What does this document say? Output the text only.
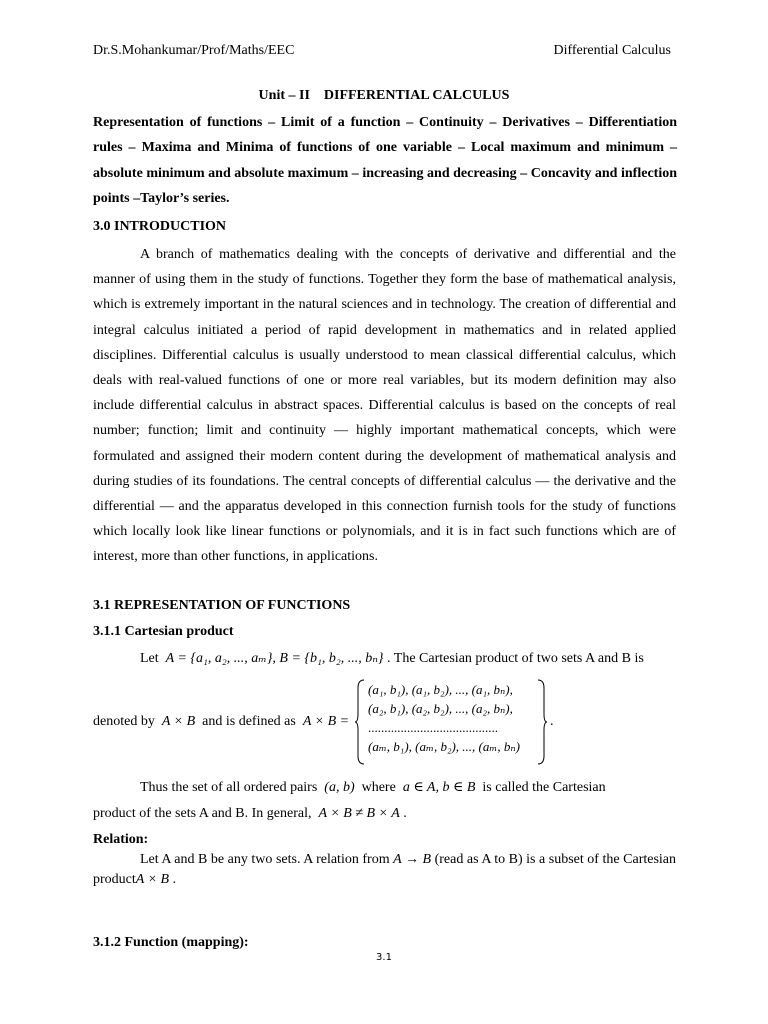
Dr.S.Mohankumar/Prof/Maths/EEC	Differential Calculus
Unit – II    DIFFERENTIAL CALCULUS
Representation of functions – Limit of a function – Continuity – Derivatives – Differentiation rules – Maxima and Minima of functions of one variable – Local maximum and minimum – absolute minimum and absolute maximum – increasing and decreasing – Concavity and inflection points –Taylor’s series.
3.0 INTRODUCTION
A branch of mathematics dealing with the concepts of derivative and differential and the manner of using them in the study of functions. Together they form the base of mathematical analysis, which is extremely important in the natural sciences and in technology. The creation of differential and integral calculus initiated a period of rapid development in mathematics and in related applied disciplines. Differential calculus is usually understood to mean classical differential calculus, which deals with real-valued functions of one or more real variables, but its modern definition may also include differential calculus in abstract spaces. Differential calculus is based on the concepts of real number; function; limit and continuity — highly important mathematical concepts, which were formulated and assigned their modern content during the development of mathematical analysis and during studies of its foundations. The central concepts of differential calculus — the derivative and the differential — and the apparatus developed in this connection furnish tools for the study of functions which locally look like linear functions or polynomials, and it is in fact such functions which are of interest, more than other functions, in applications.
3.1 REPRESENTATION OF FUNCTIONS
3.1.1 Cartesian product
Let A = {a₁, a₂, ..., aₘ}, B = {b₁, b₂, ..., bₙ} . The Cartesian product of two sets A and B is
denoted by A × B and is defined as A × B =
(a₁, b₁), (a₁, b₂), ..., (a₁, bₙ),
(a₂, b₁), (a₂, b₂), ..., (a₂, bₙ),
........................................
(aₘ, b₁), (aₘ, b₂), ..., (aₘ, bₙ)
.
Thus the set of all ordered pairs (a, b) where a ∈ A, b ∈ B is called the Cartesian
product of the sets A and B. In general, A × B ≠ B × A .
Relation:
Let A and B be any two sets. A relation from A → B (read as A to B) is a subset of the Cartesian productA × B .
3.1.2 Function (mapping):
3.1
